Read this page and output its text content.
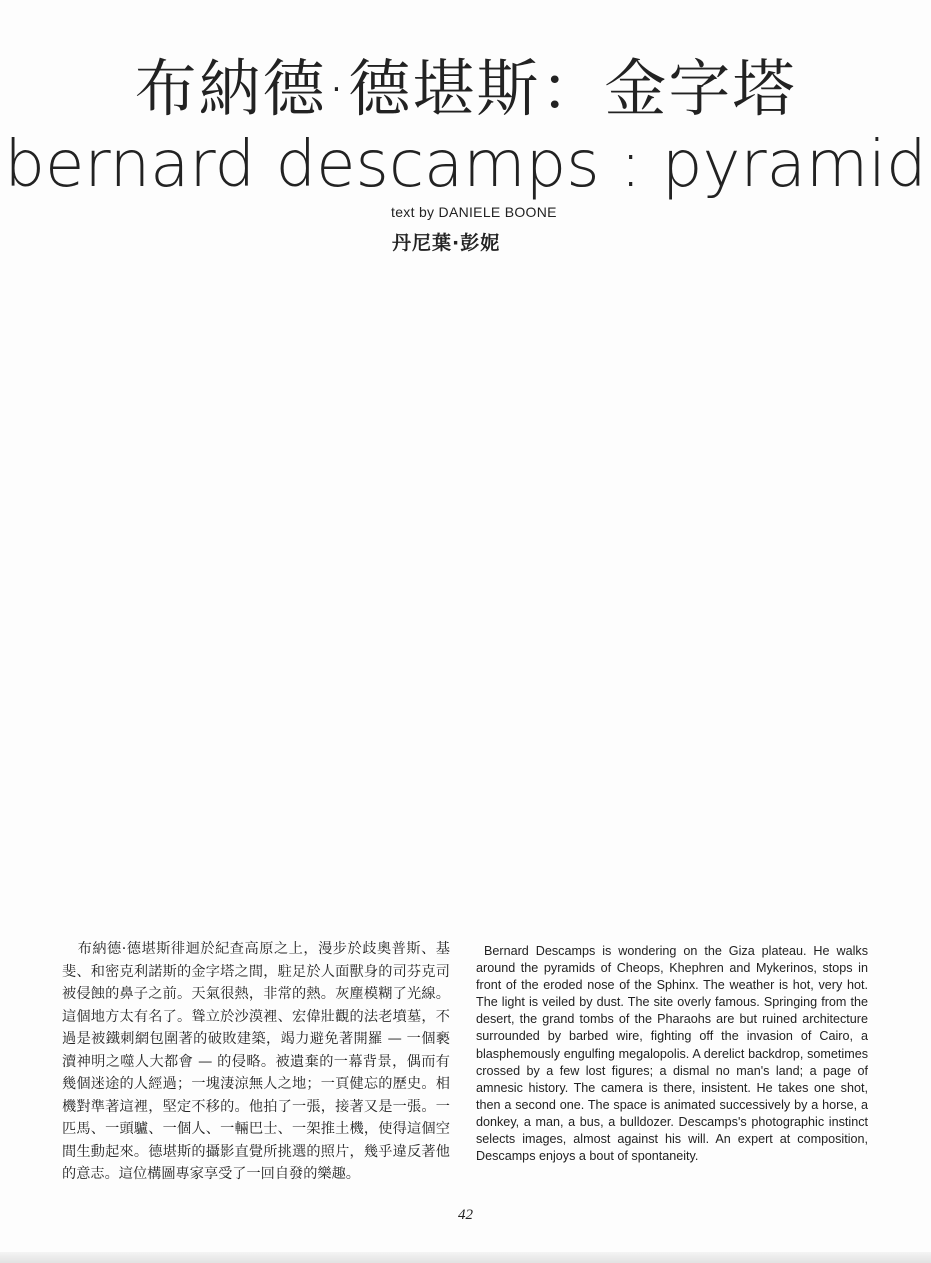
布納德·德堪斯：金字塔
bernard descamps : pyramid
text by DANIELE BOONE
丹尼葉·彭妮

布納德·德堪斯徘迴於紀查高原之上，漫步於歧奧普斯、基斐、和密克利諾斯的金字塔之間，駐足於人面獸身的司芬克司被侵蝕的鼻子之前。天氣很熱，非常的熱。灰塵模糊了光線。這個地方太有名了。聳立於沙漠裡、宏偉壯觀的法老墳墓，不過是被鐵刺網包圍著的破敗建築，竭力避免著開羅 — 一個褻瀆神明之噬人大都會 — 的侵略。被遺棄的一幕背景，偶而有幾個迷途的人經過；一塊淒涼無人之地；一頁健忘的歷史。相機對準著這裡，堅定不移的。他拍了一張，接著又是一張。一匹馬、一頭驢、一個人、一輛巴士、一架推土機，使得這個空間生動起來。德堪斯的攝影直覺所挑選的照片，幾乎違反著他的意志。這位構圖專家享受了一回自發的樂趣。

Bernard Descamps is wondering on the Giza plateau. He walks around the pyramids of Cheops, Khephren and Mykerinos, stops in front of the eroded nose of the Sphinx. The weather is hot, very hot. The light is veiled by dust. The site overly famous. Springing from the desert, the grand tombs of the Pharaohs are but ruined architecture surrounded by barbed wire, fighting off the invasion of Cairo, a blasphemously engulfing megalopolis. A derelict backdrop, sometimes crossed by a few lost figures; a dismal no man's land; a page of amnesic history. The camera is there, insistent. He takes one shot, then a second one. The space is animated successively by a horse, a donkey, a man, a bus, a bulldozer. Descamps's photographic instinct selects images, almost against his will. An expert at composition, Descamps enjoys a bout of spontaneity.

42
